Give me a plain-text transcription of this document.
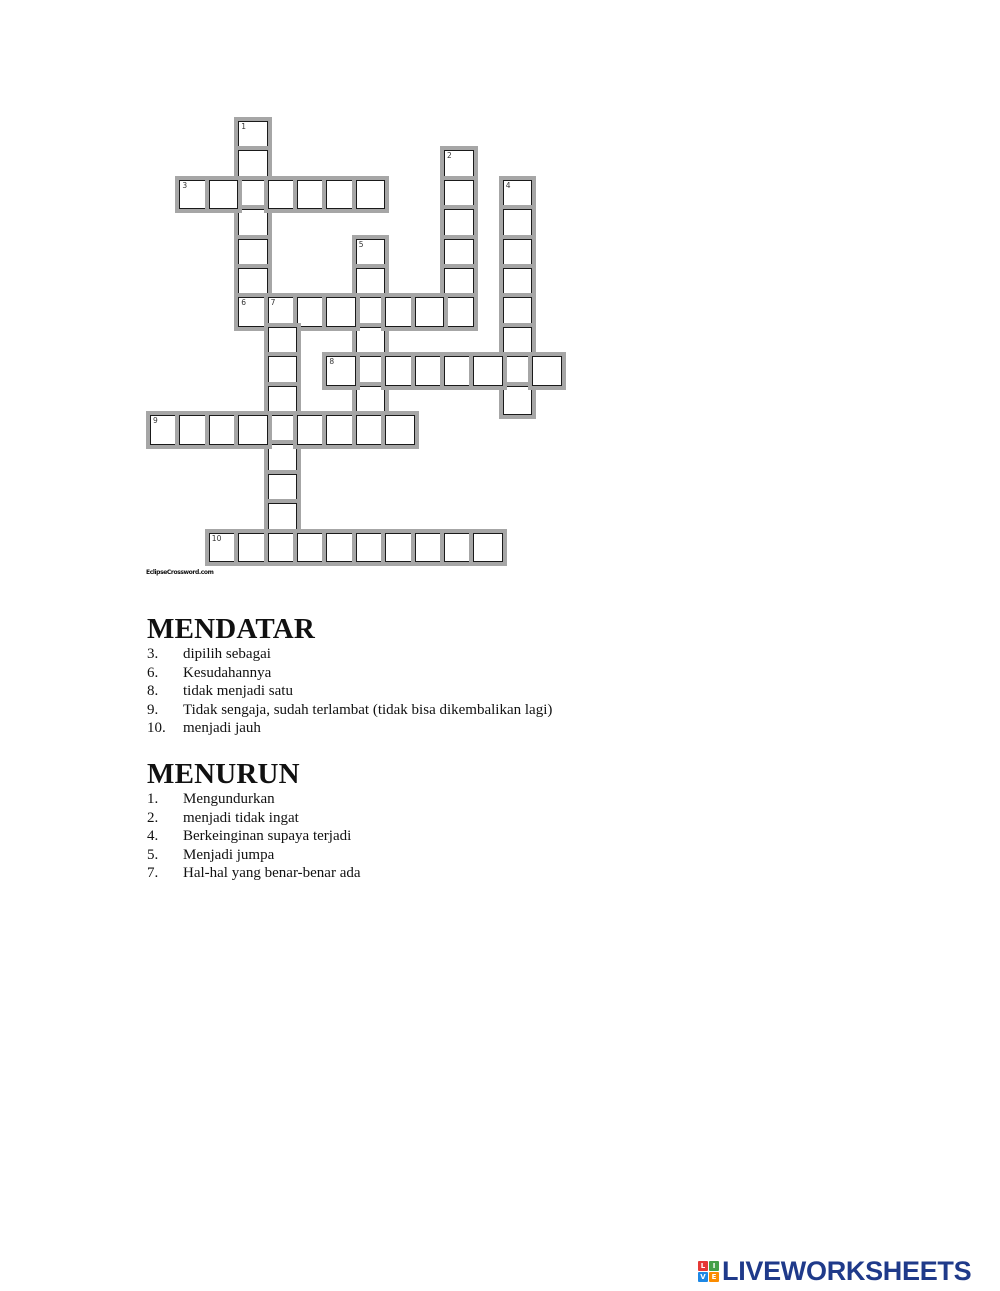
1
2
3	4
5
6	7
8
9
10
EclipseCrossword.com
MENDATAR
3. dipilih sebagai
6. Kesudahannya
8. tidak menjadi satu
9. Tidak sengaja, sudah terlambat (tidak bisa dikembalikan lagi)
10. menjadi jauh
MENURUN
1. Mengundurkan
2. menjadi tidak ingat
4. Berkeinginan supaya terjadi
5. Menjadi jumpa
7. Hal-hal yang benar-benar ada
L	I
V E LIVEWORKSHEETS
